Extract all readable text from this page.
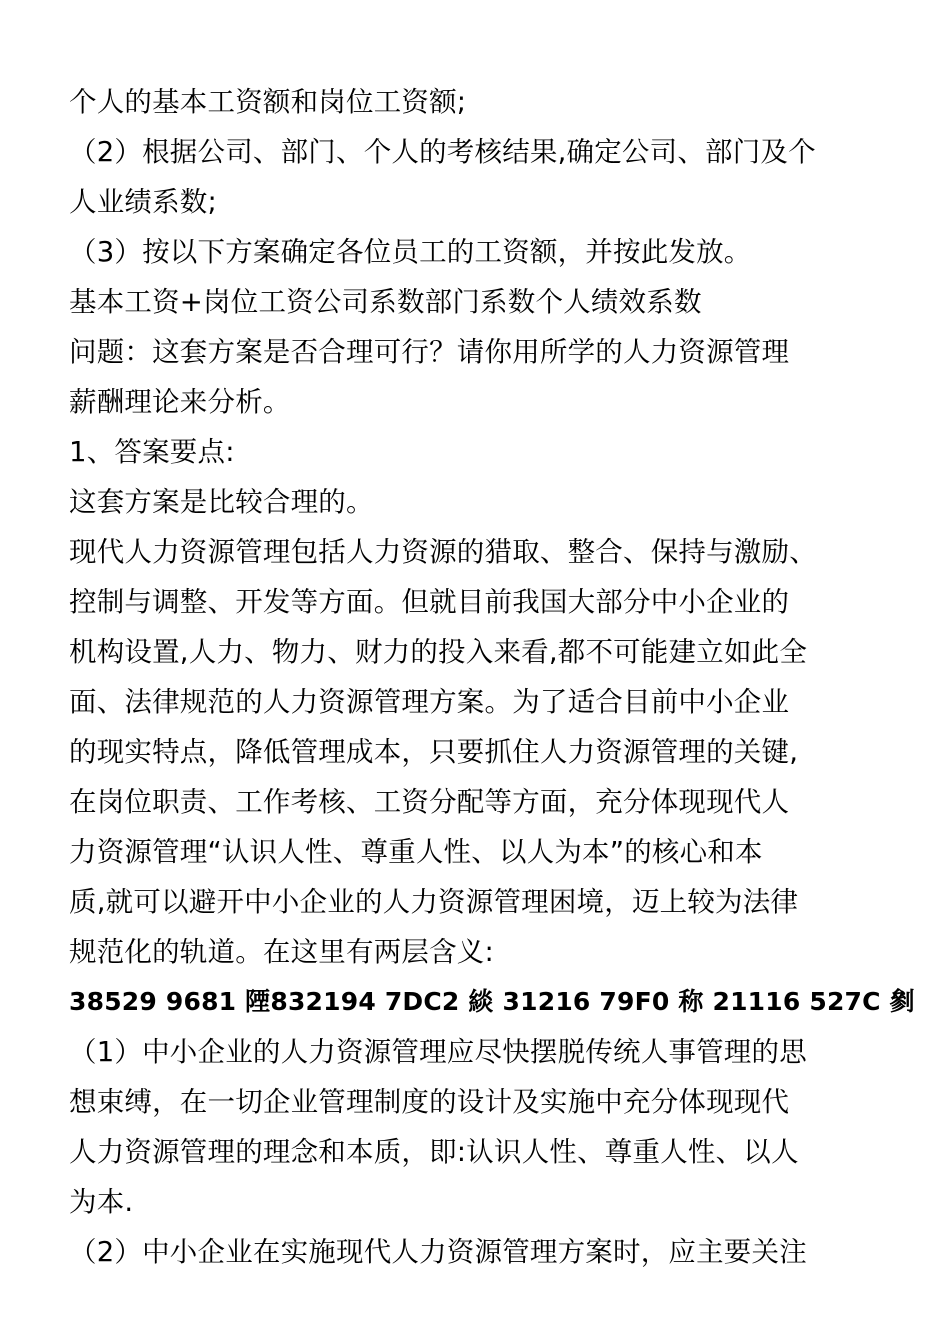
个人的基本工资额和岗位工资额;
（2）根据公司、部门、个人的考核结果,确定公司、部门及个
人业绩系数;
（3）按以下方案确定各位员工的工资额，并按此发放。
基本工资+岗位工资公司系数部门系数个人绩效系数
问题：这套方案是否合理可行？请你用所学的人力资源管理
薪酬理论来分析。
1、答案要点:
这套方案是比较合理的。
现代人力资源管理包括人力资源的猎取、整合、保持与激励、
控制与调整、开发等方面。但就目前我国大部分中小企业的
机构设置,人力、物力、财力的投入来看,都不可能建立如此全
面、法律规范的人力资源管理方案。为了适合目前中小企业
的现实特点，降低管理成本，只要抓住人力资源管理的关键,
在岗位职责、工作考核、工资分配等方面，充分体现现代人
力资源管理“认识人性、尊重人性、以人为本”的核心和本
质,就可以避开中小企业的人力资源管理困境，迈上较为法律
规范化的轨道。在这里有两层含义:
38529 9681 陻832194 7DC2 緂 31216 79F0 称 21116 527C 剼
（1）中小企业的人力资源管理应尽快摆脱传统人事管理的思
想束缚，在一切企业管理制度的设计及实施中充分体现现代
人力资源管理的理念和本质，即:认识人性、尊重人性、以人
为本.
（2）中小企业在实施现代人力资源管理方案时，应主要关注
